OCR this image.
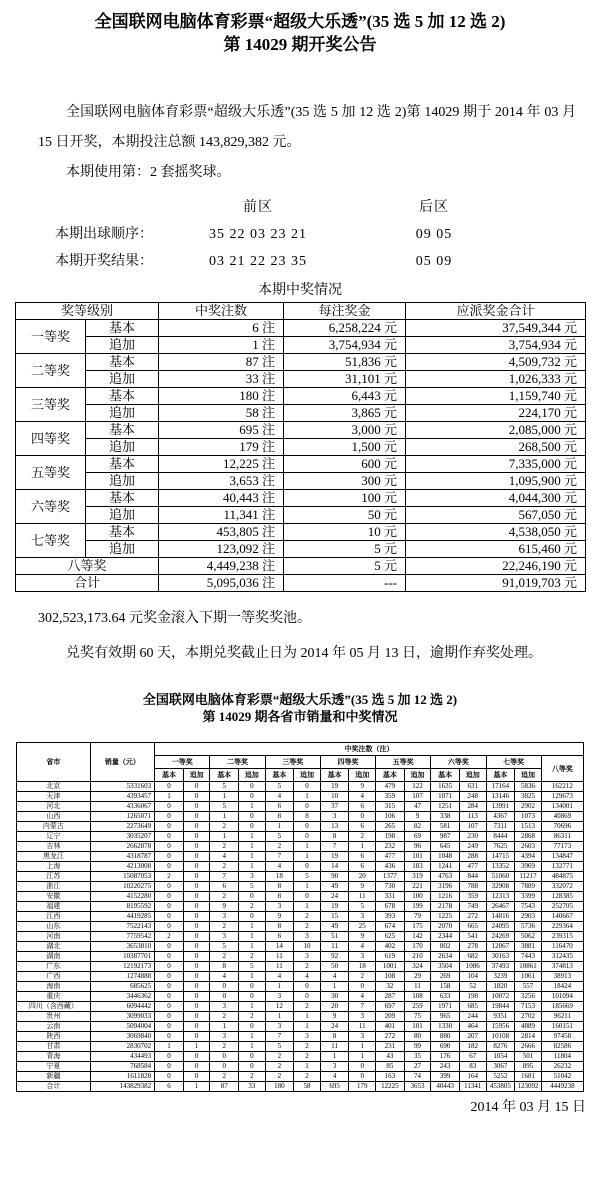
全国联网电脑体育彩票“超级大乐透”(35 选 5 加 12 选 2)
第 14029 期开奖公告

全国联网电脑体育彩票“超级大乐透”(35 选 5 加 12 选 2)第 14029 期于 2014 年 03 月 15 日开奖，本期投注总额 143,829,382 元。

本期使用第：2 套摇奖球。

前区	后区
本期出球顺序：	35 22 03 23 21	09 05
本期开奖结果：	03 21 22 23 35	05 09
本期中奖情况
奖等级别		中奖注数	每注奖金	应派奖金合计
一等奖	基本	6 注	6,258,224 元	37,549,344 元
	追加	1 注	3,754,934 元	3,754,934 元
二等奖	基本	87 注	51,836 元	4,509,732 元
	追加	33 注	31,101 元	1,026,333 元
三等奖	基本	180 注	6,443 元	1,159,740 元
	追加	58 注	3,865 元	224,170 元
四等奖	基本	695 注	3,000 元	2,085,000 元
	追加	179 注	1,500 元	268,500 元
五等奖	基本	12,225 注	600 元	7,335,000 元
	追加	3,653 注	300 元	1,095,900 元
六等奖	基本	40,443 注	100 元	4,044,300 元
	追加	11,341 注	50 元	567,050 元
七等奖	基本	453,805 注	10 元	4,538,050 元
	追加	123,092 注	5 元	615,460 元
八等奖		4,449,238 注	5 元	22,246,190 元
合计		5,095,036 注	---	91,019,703 元

302,523,173.64 元奖金滚入下期一等奖奖池。

兑奖有效期 60 天，本期兑奖截止日为 2014 年 05 月 13 日，逾期作弃奖处理。

全国联网电脑体育彩票“超级大乐透”(35 选 5 加 12 选 2)
第 14029 期各省市销量和中奖情况
省市	销量（元）	中奖注数（注）														
		一等奖		二等奖		三等奖		四等奖		五等奖		六等奖		七等奖		八等奖
		基本	追加	基本	追加	基本	追加	基本	追加	基本	追加	基本	追加	基本	追加	
北京	5331603	0	0	5	0	5	0	19	9	479	122	1635	631	17164	5836	162212
天津	4393457	1	0	1	0	4	1	10	4	359	107	1071	248	13146	3825	129673
河北	4336067	0	0	5	1	6	0	37	6	315	47	1251	284	13991	2902	134001
山西	1265071	0	0	1	0	8	8	3	0	106	9	338	113	4367	1073	40869
内蒙古	2273649	0	0	2	0	1	0	13	6	265	82	581	107	7311	1513	70696
辽宁	3035207	0	0	1	1	5	0	8	2	198	69	987	230	8444	2868	86311
吉林	2662878	0	0	2	1	2	1	7	1	232	96	645	249	7625	2603	77173
黑龙江	4318787	0	0	4	1	7	1	19	6	477	101	1048	288	14715	4394	134847
上海	4213008	0	0	2	1	4	0	14	6	436	183	1241	477	13352	3969	132771
江苏	15087053	2	0	7	3	18	5	90	20	1377	319	4763	844	51060	11217	484875
浙江	10220275	0	0	6	5	8	1	49	9	730	221	3196	788	32908	7889	332072
安徽	4152280	0	0	2	0	8	0	24	11	331	100	1216	359	12313	3399	128385
福建	8195592	0	0	9	2	3	1	19	5	678	199	2178	749	26467	7543	252705
江西	4419285	0	0	3	0	9	2	15	3	393	79	1225	272	14816	2903	140667
山东	7522143	0	0	2	1	8	2	49	25	674	175	2070	665	24095	5736	229364
河南	7759542	2	0	3	1	6	3	51	9	625	142	2344	541	24269	5062	239315
湖北	3653810	0	0	5	1	14	10	11	4	402	170	802	278	12067	3881	116470
湖南	10387701	0	0	2	2	11	3	92	3	619	210	2634	682	30163	7443	312435
广东	12192173	0	0	8	5	11	2	50	18	1001	324	3504	1086	37493	10861	374813
广西	1274888	0	0	4	1	4	4	4	2	108	29	269	104	3239	1061	38913
海南	685625	0	0	0	0	1	0	1	0	32	11	158	52	1820	557	18424
重庆	3446362	0	0	0	0	3	0	30	4	287	108	633	198	10072	3256	101094
四川（含西藏）	6094442	0	0	3	1	12	2	20	7	697	259	1971	685	19844	7153	185669
贵州	3099033	0	0	2	2	1	1	9	3	209	75	965	244	9351	2702	96211
云南	5094004	0	0	1	0	3	1	24	11	401	101	1330	464	15956	4889	160151
陕西	3069840	0	0	3	1	7	3	8	3	272	80	880	207	10108	2814	97458
甘肃	2830702	1	1	2	1	5	2	11	1	231	99	690	182	8276	2666	82586
青海	434493	0	0	0	0	2	2	1	1	43	35	176	67	1054	501	11804
宁夏	768584	0	0	0	0	2	1	3	0	85	27	243	83	3067	895	26232
新疆	1611828	0	0	2	2	2	2	4	0	163	74	399	164	5252	1681	51042
合计	143829382	6	1	87	33	180	58	695	179	12225	3653	40443	11341	453805	123092	4449238
2014 年 03 月 15 日
